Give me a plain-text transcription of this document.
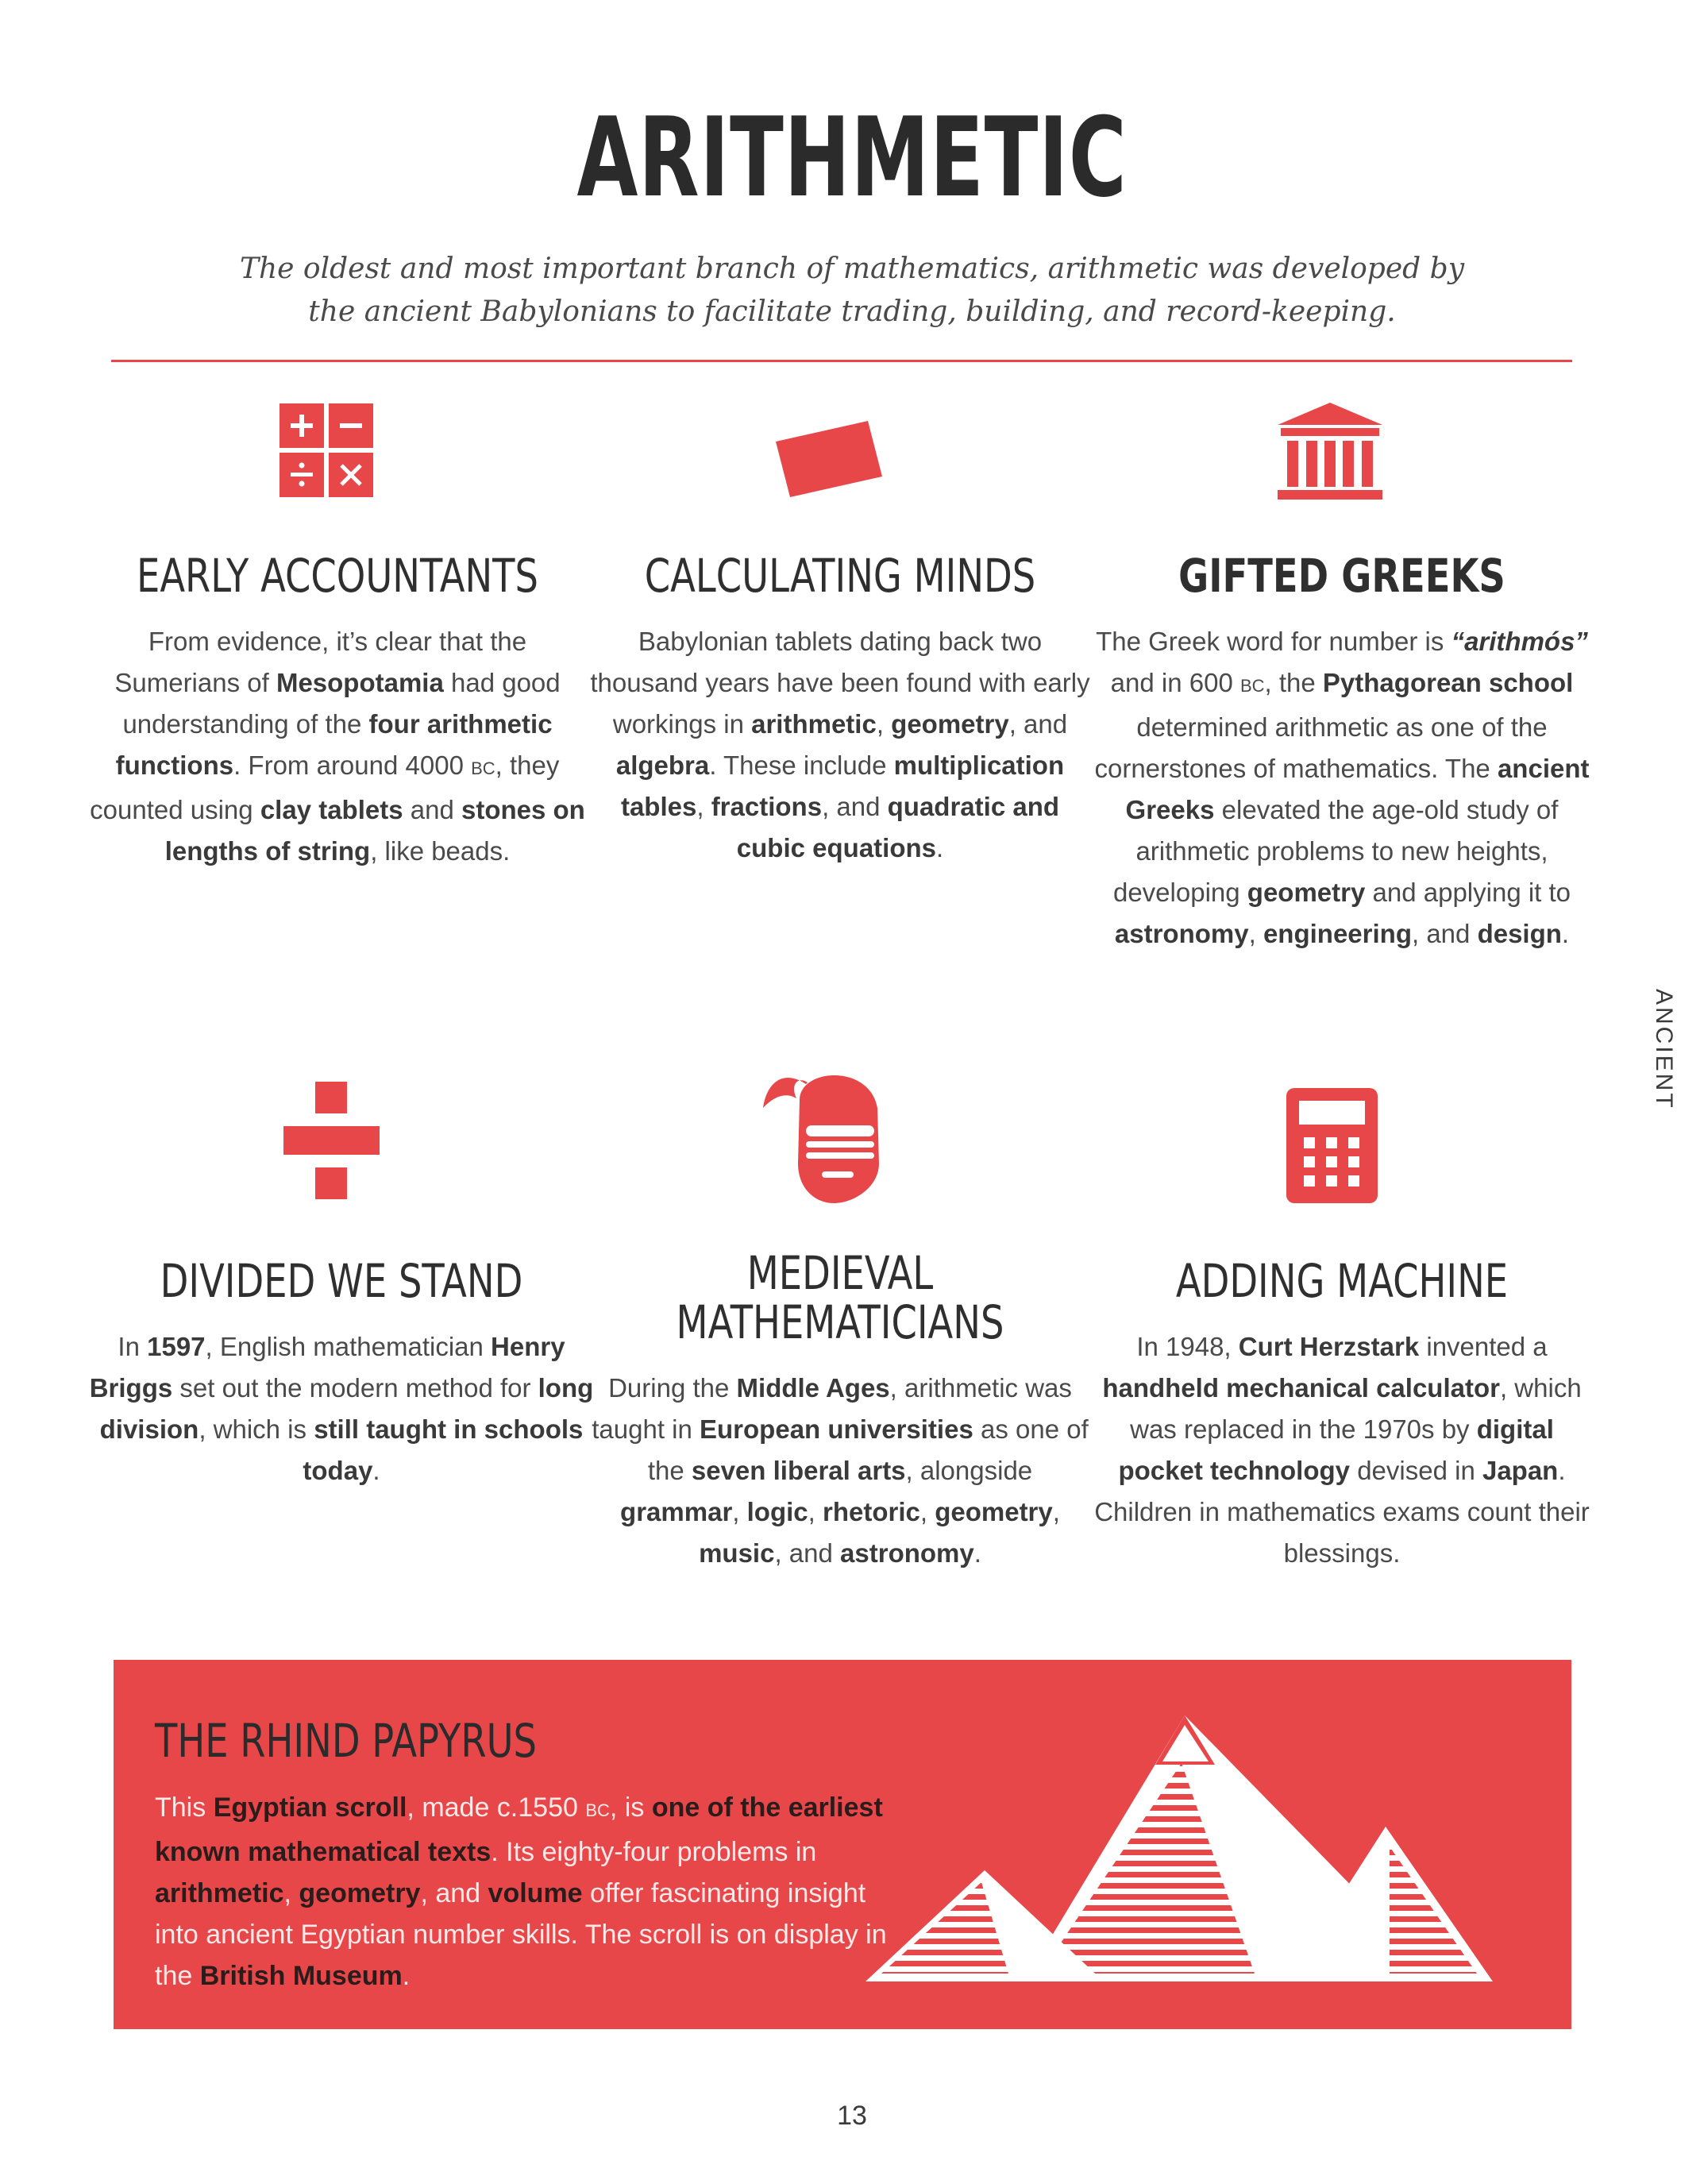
ARITHMETIC
The oldest and most important branch of mathematics, arithmetic was developed by
the ancient Babylonians to facilitate trading, building, and record-keeping.
EARLY ACCOUNTANTS
From evidence, it’s clear that the Sumerians of Mesopotamia had good understanding of the four arithmetic functions. From around 4000 BC, they counted using clay tablets and stones on lengths of string, like beads.
CALCULATING MINDS
Babylonian tablets dating back two thousand years have been found with early workings in arithmetic, geometry, and algebra. These include multiplication tables, fractions, and quadratic and cubic equations.
GIFTED GREEKS
The Greek word for number is “arithmós” and in 600 BC, the Pythagorean school determined arithmetic as one of the cornerstones of mathematics. The ancient Greeks elevated the age-old study of arithmetic problems to new heights, developing geometry and applying it to astronomy, engineering, and design.
ANCIENT
DIVIDED WE STAND
In 1597, English mathematician Henry Briggs set out the modern method for long division, which is still taught in schools today.
MEDIEVAL
MATHEMATICIANS
During the Middle Ages, arithmetic was taught in European universities as one of the seven liberal arts, alongside grammar, logic, rhetoric, geometry, music, and astronomy.
ADDING MACHINE
In 1948, Curt Herzstark invented a handheld mechanical calculator, which was replaced in the 1970s by digital pocket technology devised in Japan. Children in mathematics exams count their blessings.
THE RHIND PAPYRUS
This Egyptian scroll, made c.1550 BC, is one of the earliest known mathematical texts. Its eighty-four problems in arithmetic, geometry, and volume offer fascinating insight into ancient Egyptian number skills. The scroll is on display in the British Museum.
13
